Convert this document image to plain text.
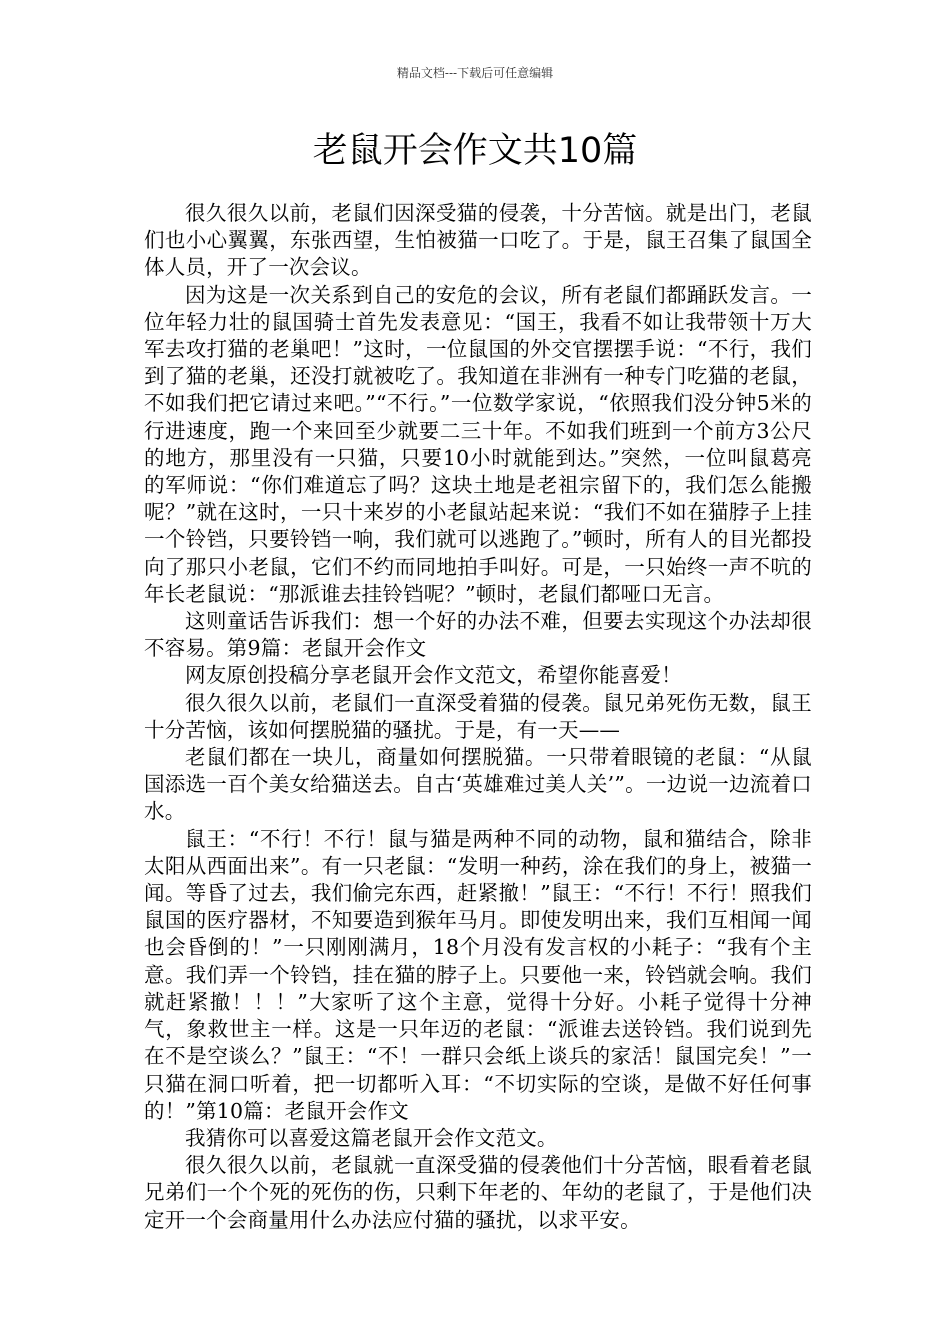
精品文档---下载后可任意编辑
老鼠开会作文共10篇

很久很久以前，老鼠们因深受猫的侵袭，十分苦恼。就是出门，老鼠们也小心翼翼，东张西望，生怕被猫一口吃了。于是，鼠王召集了鼠国全体人员，开了一次会议。

因为这是一次关系到自己的安危的会议，所有老鼠们都踊跃发言。一位年轻力壮的鼠国骑士首先发表意见：“国王，我看不如让我带领十万大军去攻打猫的老巢吧！”这时，一位鼠国的外交官摆摆手说：“不行，我们到了猫的老巢，还没打就被吃了。我知道在非洲有一种专门吃猫的老鼠，不如我们把它请过来吧。”“不行。”一位数学家说，“依照我们没分钟5米的行进速度，跑一个来回至少就要二三十年。不如我们班到一个前方3公尺的地方，那里没有一只猫，只要10小时就能到达。”突然，一位叫鼠葛亮的军师说：“你们难道忘了吗？这块土地是老祖宗留下的，我们怎么能搬呢？”就在这时，一只十来岁的小老鼠站起来说：“我们不如在猫脖子上挂一个铃铛，只要铃铛一响，我们就可以逃跑了。”顿时，所有人的目光都投向了那只小老鼠，它们不约而同地拍手叫好。可是，一只始终一声不吭的年长老鼠说：“那派谁去挂铃铛呢？”顿时，老鼠们都哑口无言。

这则童话告诉我们：想一个好的办法不难，但要去实现这个办法却很不容易。第9篇：老鼠开会作文

网友原创投稿分享老鼠开会作文范文，希望你能喜爱！

很久很久以前，老鼠们一直深受着猫的侵袭。鼠兄弟死伤无数，鼠王十分苦恼，该如何摆脱猫的骚扰。于是，有一天——

老鼠们都在一块儿，商量如何摆脱猫。一只带着眼镜的老鼠：“从鼠国添选一百个美女给猫送去。自古‘英雄难过美人关’”。一边说一边流着口水。

鼠王：“不行！不行！鼠与猫是两种不同的动物，鼠和猫结合，除非太阳从西面出来”。有一只老鼠：“发明一种药，涂在我们的身上，被猫一闻。等昏了过去，我们偷完东西，赶紧撤！”鼠王：“不行！不行！照我们鼠国的医疗器材，不知要造到猴年马月。即使发明出来，我们互相闻一闻也会昏倒的！”一只刚刚满月，18个月没有发言权的小耗子：“我有个主意。我们弄一个铃铛，挂在猫的脖子上。只要他一来，铃铛就会响。我们就赶紧撤！！！”大家听了这个主意，觉得十分好。小耗子觉得十分神气，象救世主一样。这是一只年迈的老鼠：“派谁去送铃铛。我们说到先在不是空谈么？”鼠王：“不！一群只会纸上谈兵的家活！鼠国完矣！”一只猫在洞口听着，把一切都听入耳：“不切实际的空谈，是做不好任何事的！”第10篇：老鼠开会作文

我猜你可以喜爱这篇老鼠开会作文范文。

很久很久以前，老鼠就一直深受猫的侵袭他们十分苦恼，眼看着老鼠兄弟们一个个死的死伤的伤，只剩下年老的、年幼的老鼠了，于是他们决定开一个会商量用什么办法应付猫的骚扰，以求平安。
